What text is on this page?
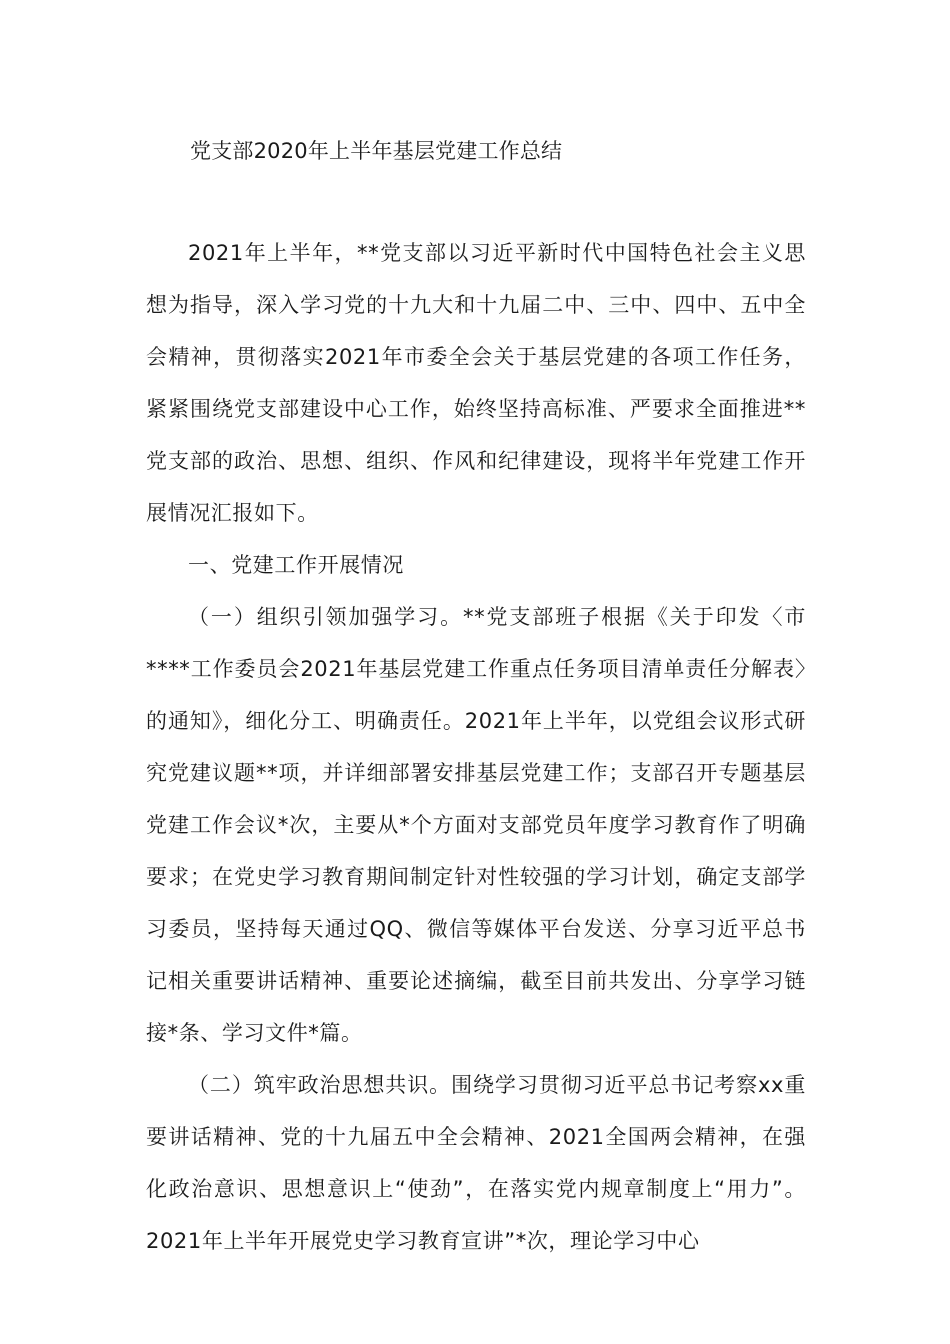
党支部2020年上半年基层党建工作总结

2021年上半年，**党支部以习近平新时代中国特色社会主义思想为指导，深入学习党的十九大和十九届二中、三中、四中、五中全会精神，贯彻落实2021年市委全会关于基层党建的各项工作任务，紧紧围绕党支部建设中心工作，始终坚持高标准、严要求全面推进**党支部的政治、思想、组织、作风和纪律建设，现将半年党建工作开展情况汇报如下。

一、党建工作开展情况

（一）组织引领加强学习。**党支部班子根据《关于印发〈市****工作委员会2021年基层党建工作重点任务项目清单责任分解表〉的通知》，细化分工、明确责任。2021年上半年，以党组会议形式研究党建议题**项，并详细部署安排基层党建工作；支部召开专题基层党建工作会议*次，主要从*个方面对支部党员年度学习教育作了明确要求；在党史学习教育期间制定针对性较强的学习计划，确定支部学习委员，坚持每天通过QQ、微信等媒体平台发送、分享习近平总书记相关重要讲话精神、重要论述摘编，截至目前共发出、分享学习链接*条、学习文件*篇。

（二）筑牢政治思想共识。围绕学习贯彻习近平总书记考察xx重要讲话精神、党的十九届五中全会精神、2021全国两会精神，在强化政治意识、思想意识上“使劲”，在落实党内规章制度上“用力”。2021年上半年开展党史学习教育宣讲”*次，理论学习中心
